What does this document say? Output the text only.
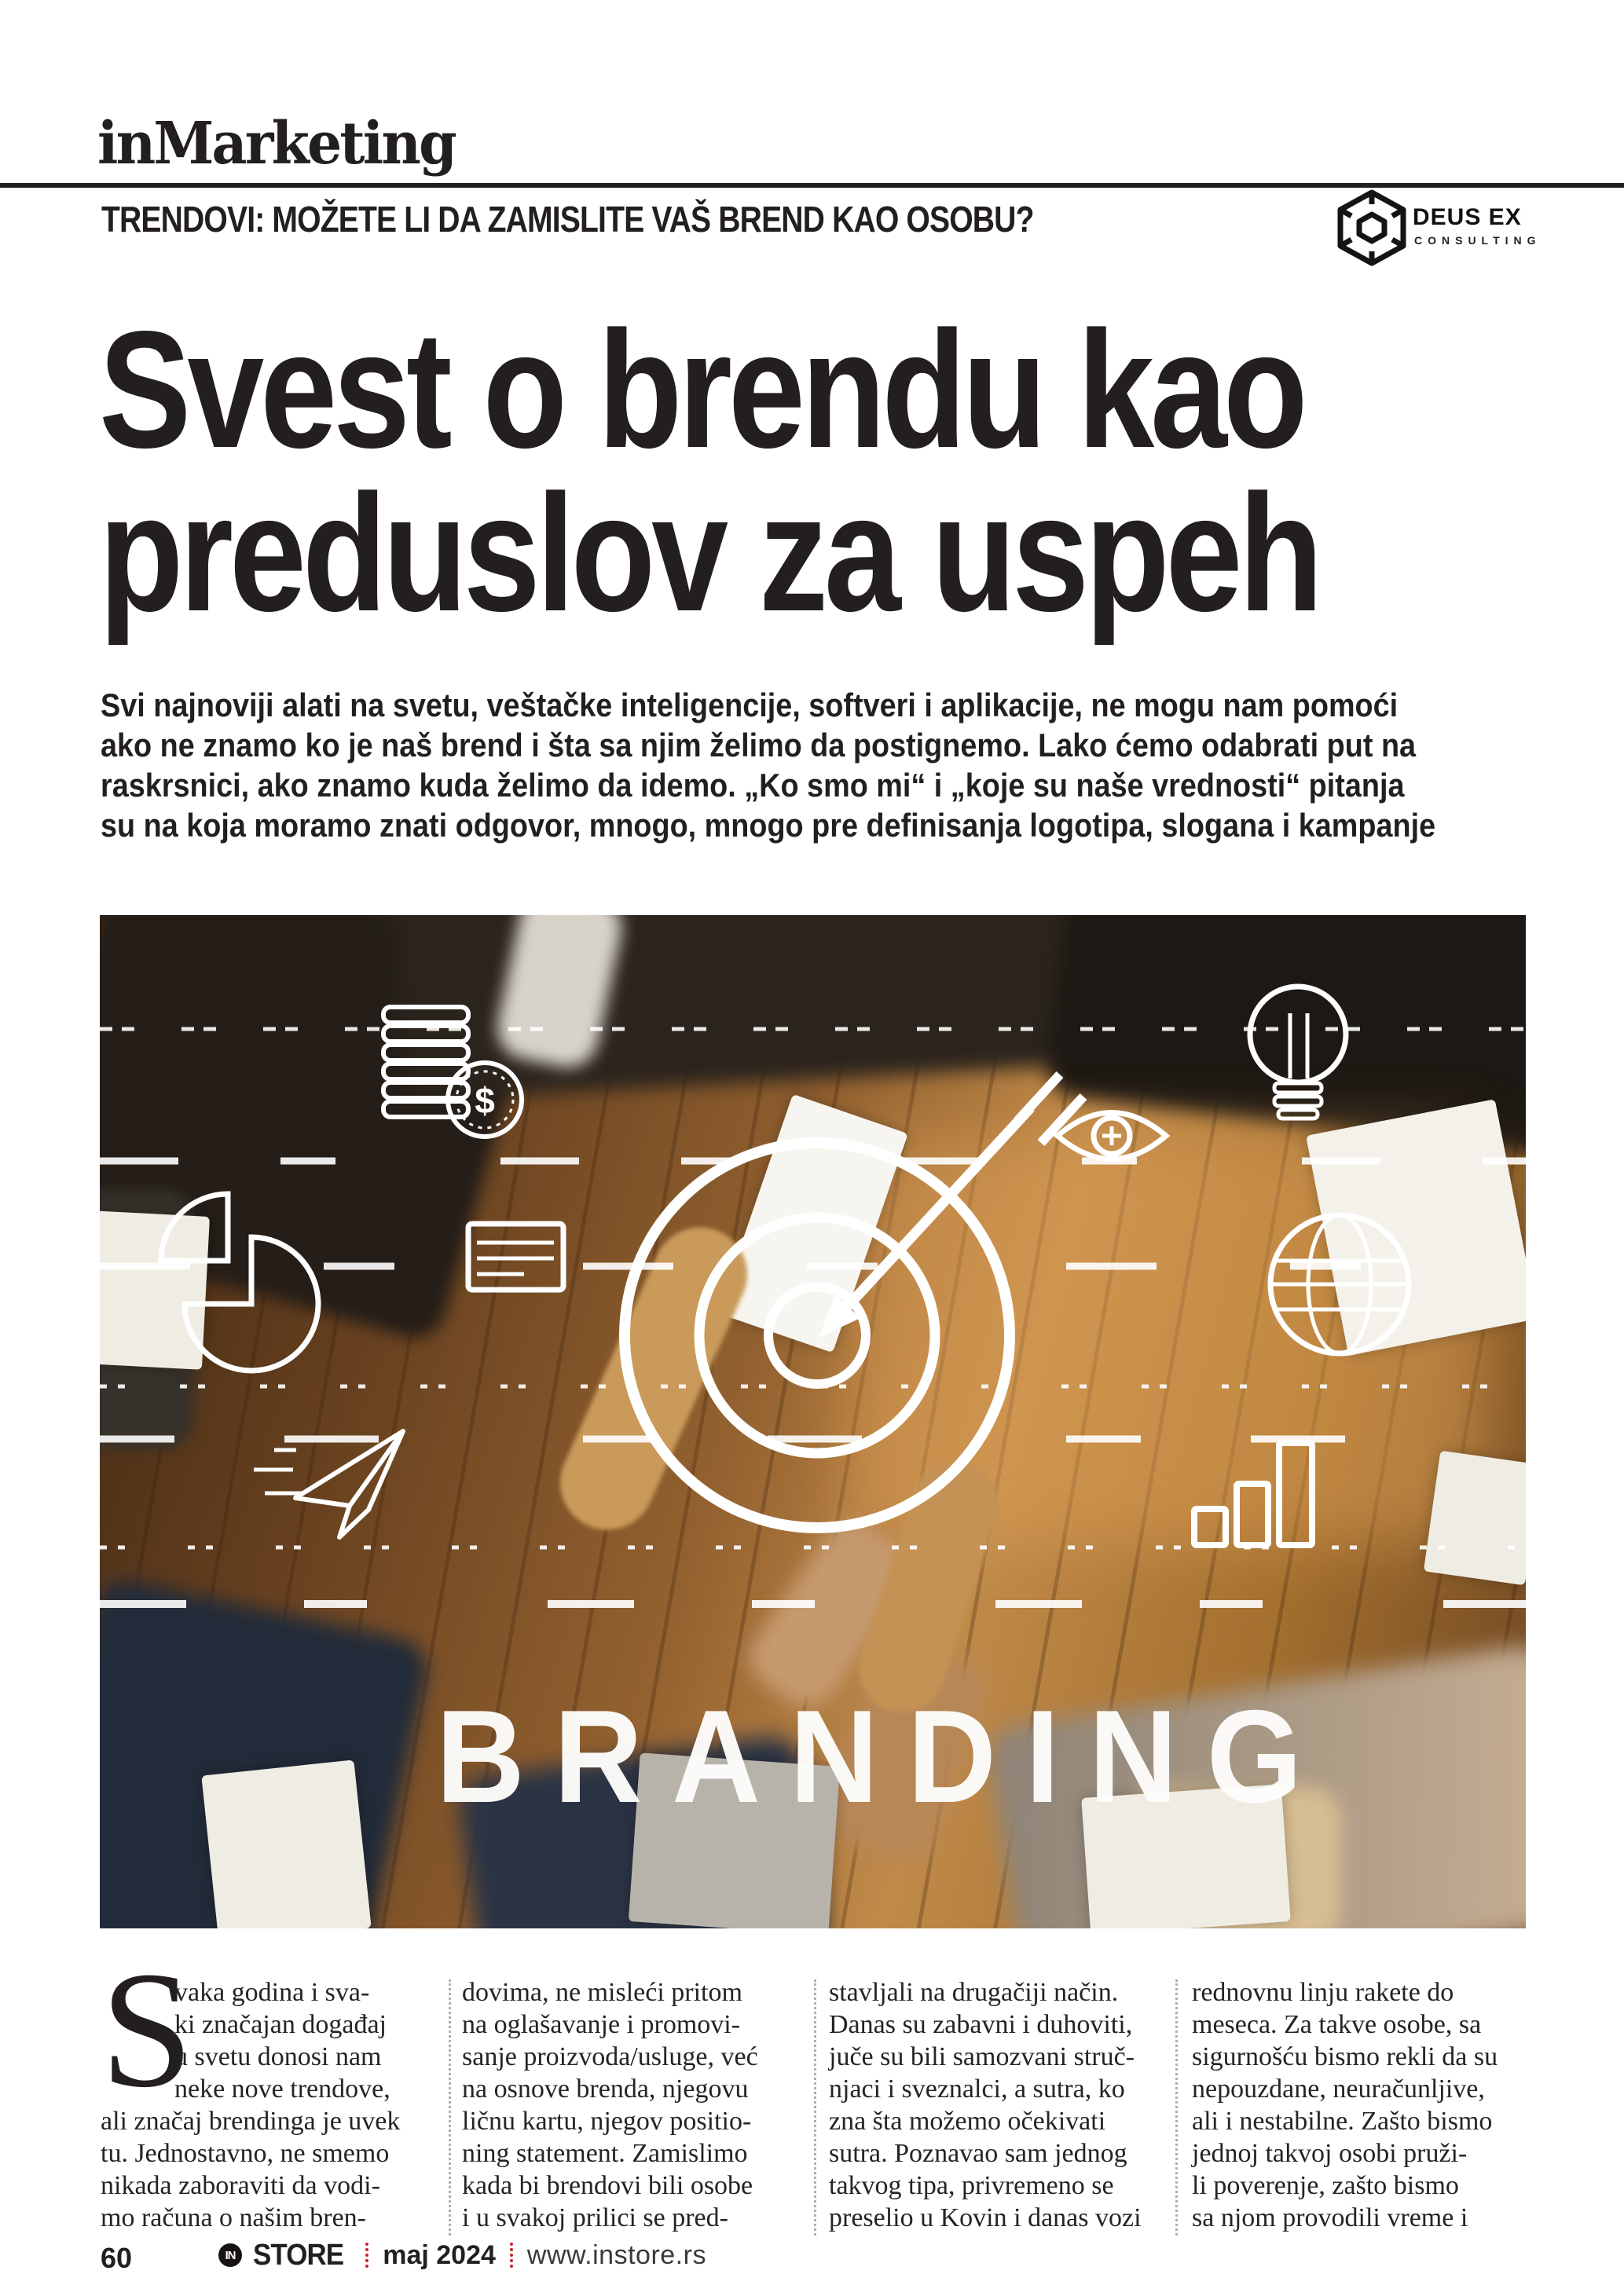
inMarketing
TRENDOVI: MOŽETE LI DA ZAMISLITE VAŠ BREND KAO OSOBU?	DEUS EX
CONSULTING
Svest o brendu kao
preduslov za uspeh
Svi najnoviji alati na svetu, veštačke inteligencije, softveri i aplikacije, ne mogu nam pomoći
ako ne znamo ko je naš brend i šta sa njim želimo da postignemo. Lako ćemo odabrati put na
raskrsnici, ako znamo kuda želimo da idemo. „Ko smo mi“ i „koje su naše vrednosti“ pitanja
su na koja moramo znati odgovor, mnogo, mnogo pre definisanja logotipa, slogana i kampanje
$
BRANDING
S
vaka godina i sva-
ki značajan događaj
u svetu donosi nam
neke nove trendove,
ali značaj brendinga je uvek
tu. Jednostavno, ne smemo
nikada zaboraviti da vodi-
mo računa o našim bren-
dovima, ne misleći pritom
na oglašavanje i promovi-
sanje proizvoda/usluge, već
na osnove brenda, njegovu
ličnu kartu, njegov positio-
ning statement. Zamislimo
kada bi brendovi bili osobe
i u svakoj prilici se pred-
stavljali na drugačiji način.
Danas su zabavni i duhoviti,
juče su bili samozvani struč-
njaci i sveznalci, a sutra, ko
zna šta možemo očekivati
sutra. Poznavao sam jednog
takvog tipa, privremeno se
preselio u Kovin i danas vozi
rednovnu linju rakete do
meseca. Za takve osobe, sa
sigurnošću bismo rekli da su
nepouzdane, neuračunljive,
ali i nestabilne. Zašto bismo
jednoj takvoj osobi pruži-
li poverenje, zašto bismo
sa njom provodili vreme i
60	IN STORE maj 2024 www.instore.rs
